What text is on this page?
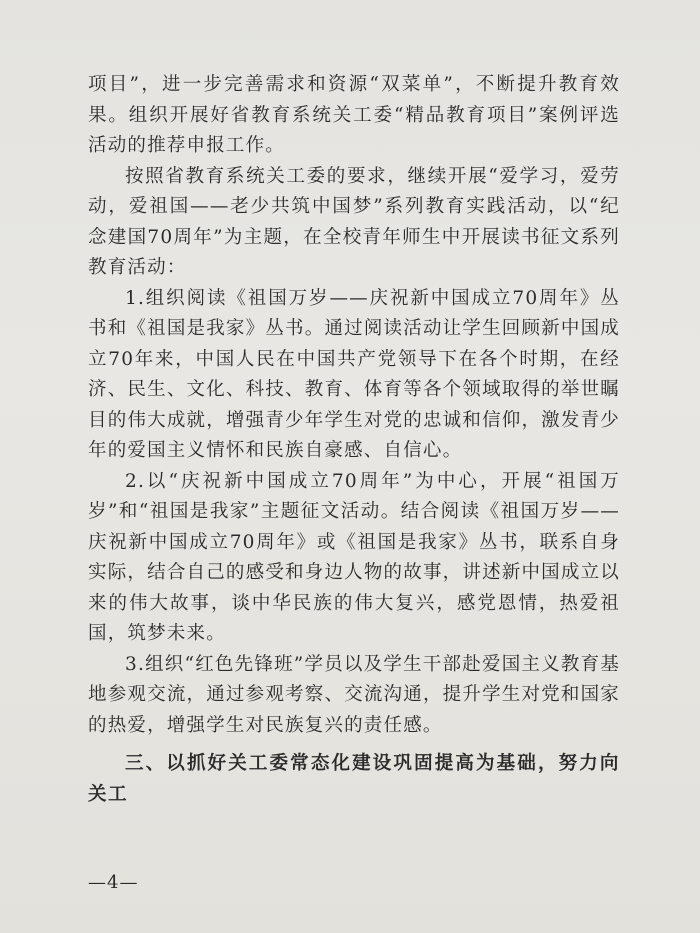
项目”，进一步完善需求和资源“双菜单”，不断提升教育效果。组织开展好省教育系统关工委“精品教育项目”案例评选活动的推荐申报工作。

按照省教育系统关工委的要求，继续开展“爱学习，爱劳动，爱祖国——老少共筑中国梦”系列教育实践活动，以“纪念建国70周年”为主题，在全校青年师生中开展读书征文系列教育活动：

1.组织阅读《祖国万岁——庆祝新中国成立70周年》丛书和《祖国是我家》丛书。通过阅读活动让学生回顾新中国成立70年来，中国人民在中国共产党领导下在各个时期，在经济、民生、文化、科技、教育、体育等各个领域取得的举世瞩目的伟大成就，增强青少年学生对党的忠诚和信仰，激发青少年的爱国主义情怀和民族自豪感、自信心。

2.以“庆祝新中国成立70周年”为中心，开展“祖国万岁”和“祖国是我家”主题征文活动。结合阅读《祖国万岁——庆祝新中国成立70周年》或《祖国是我家》丛书，联系自身实际，结合自己的感受和身边人物的故事，讲述新中国成立以来的伟大故事，谈中华民族的伟大复兴，感党恩情，热爱祖国，筑梦未来。

3.组织“红色先锋班”学员以及学生干部赴爱国主义教育基地参观交流，通过参观考察、交流沟通，提升学生对党和国家的热爱，增强学生对民族复兴的责任感。

三、以抓好关工委常态化建设巩固提高为基础，努力向关工

—4—
